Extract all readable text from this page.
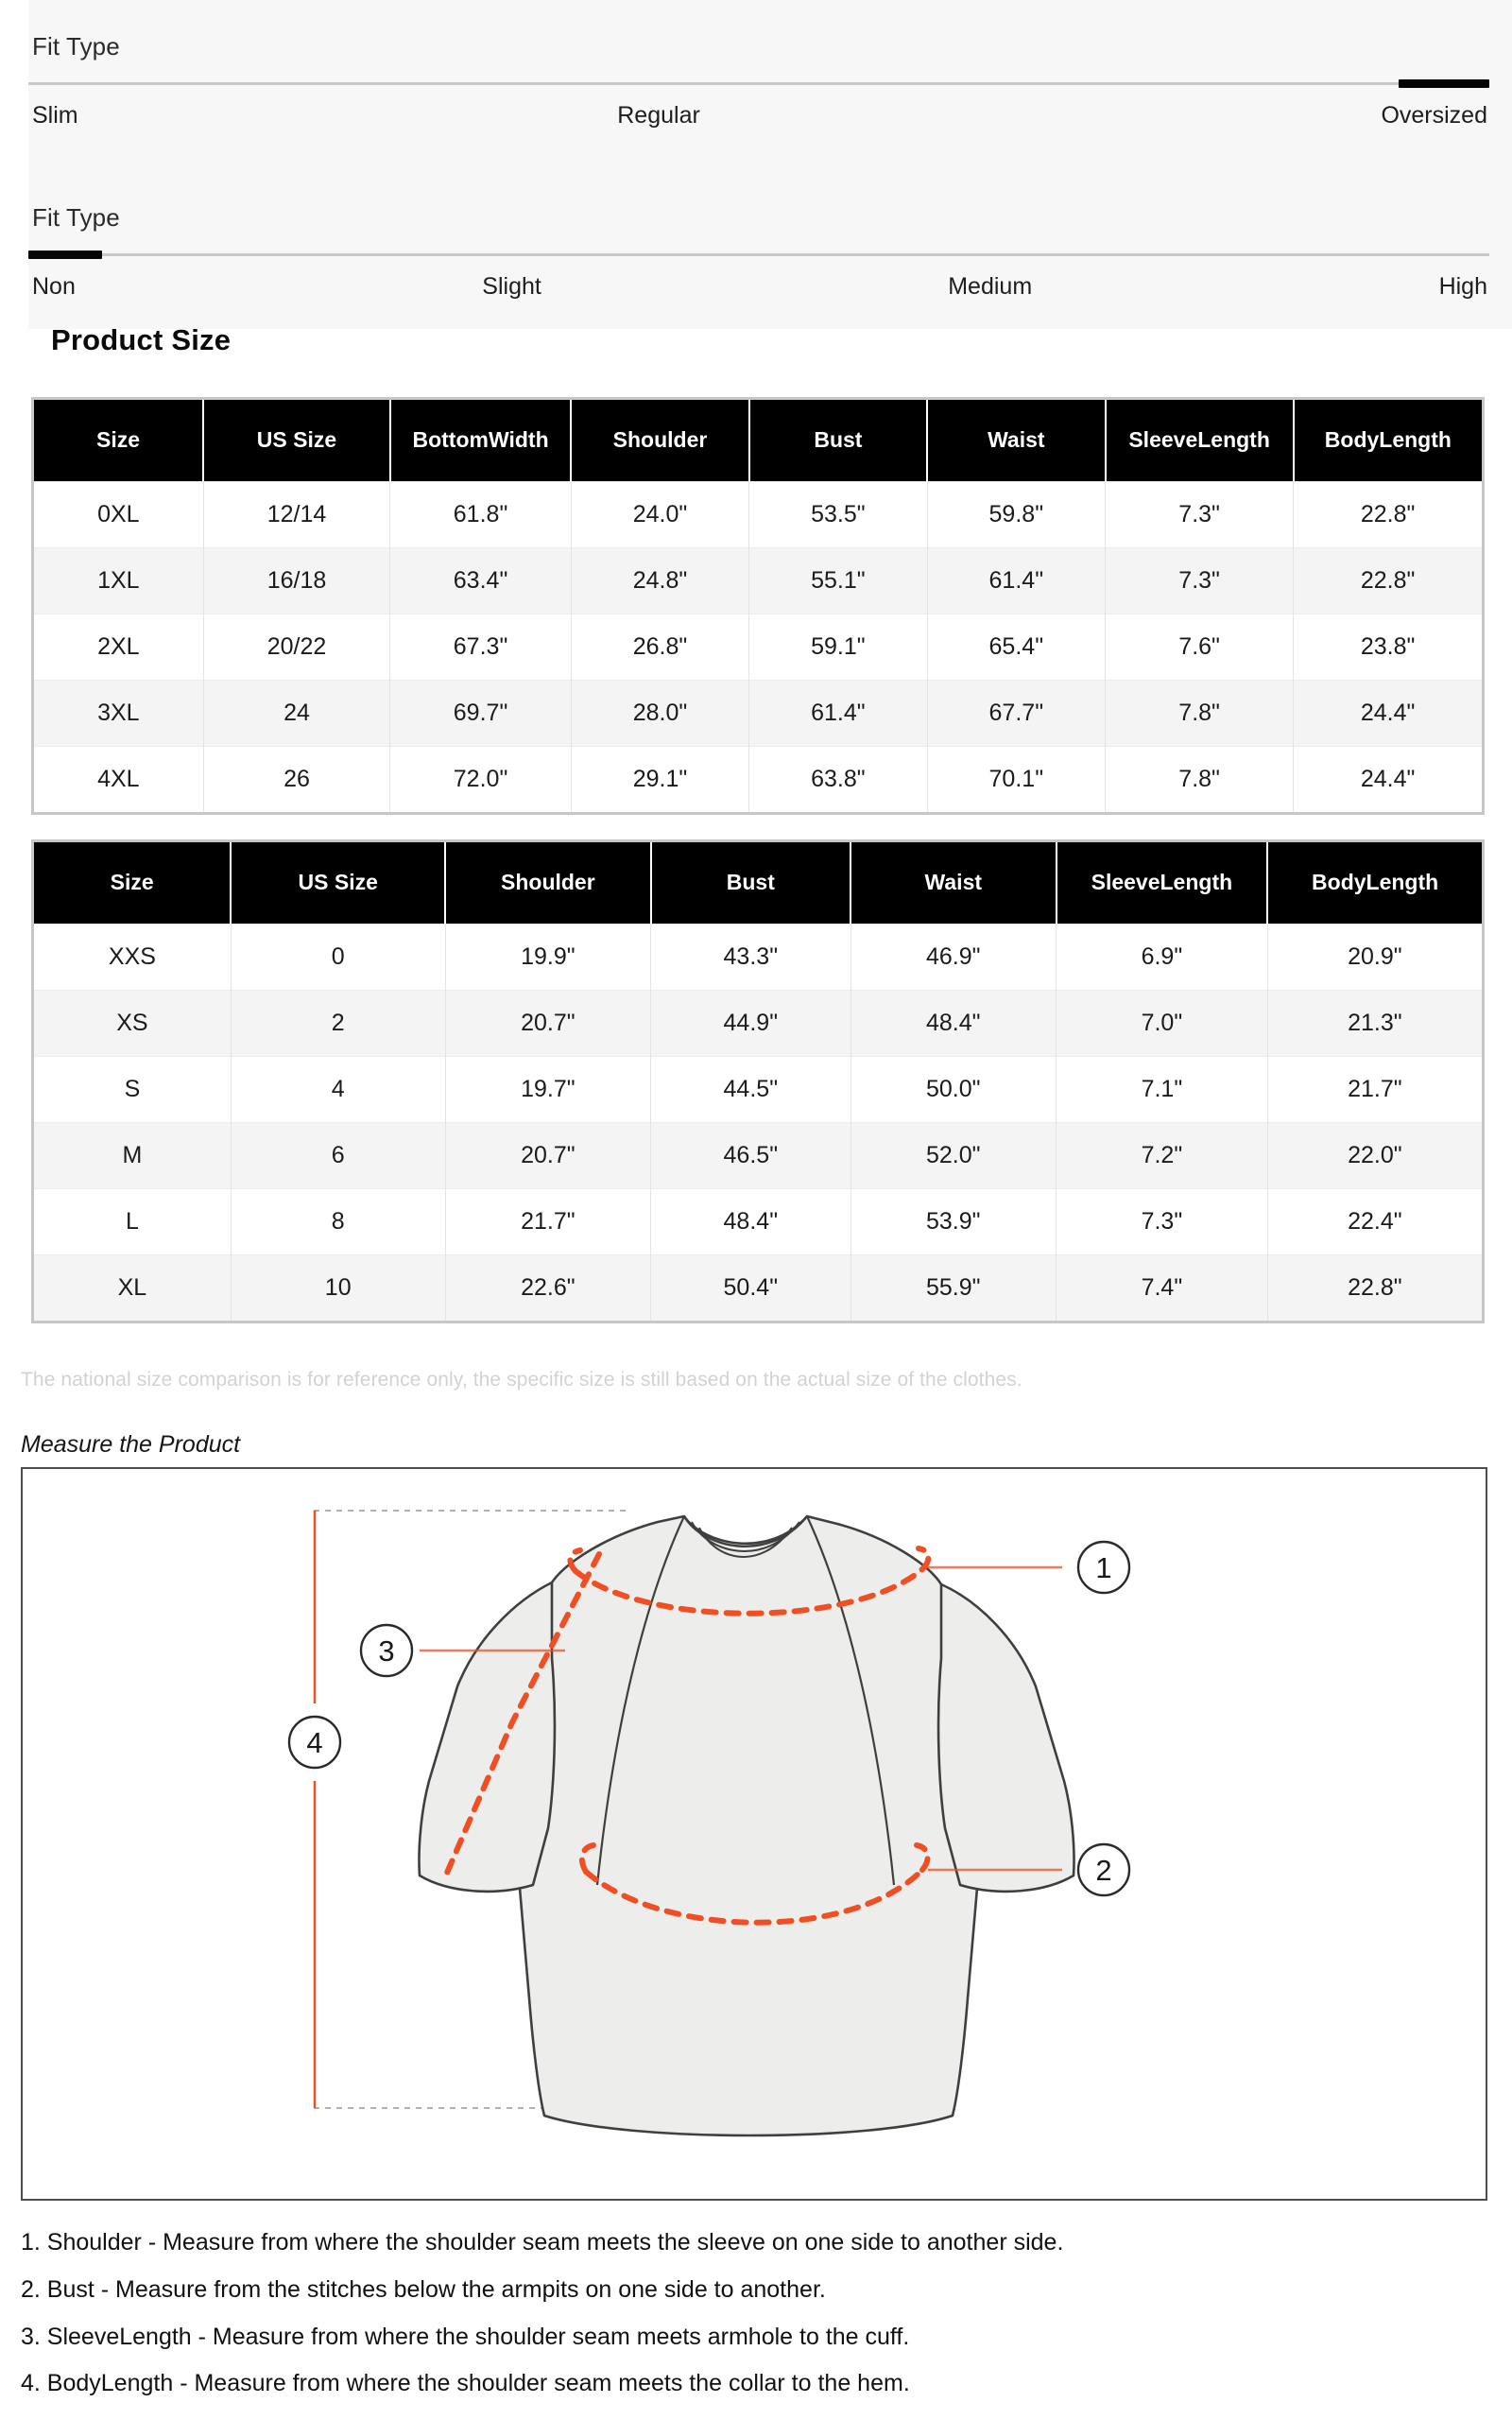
Fit Type
Slim	Regular	Oversized
Fit Type
Non	Slight	Medium	High
Product Size
Size	US Size	BottomWidth	Shoulder	Bust	Waist	SleeveLength	BodyLength
0XL	12/14	61.8"	24.0"	53.5"	59.8"	7.3"	22.8"
1XL	16/18	63.4"	24.8"	55.1"	61.4"	7.3"	22.8"
2XL	20/22	67.3"	26.8"	59.1"	65.4"	7.6"	23.8"
3XL	24	69.7"	28.0"	61.4"	67.7"	7.8"	24.4"
4XL	26	72.0"	29.1"	63.8"	70.1"	7.8"	24.4"
Size	US Size	Shoulder	Bust	Waist	SleeveLength	BodyLength
XXS	0	19.9"	43.3"	46.9"	6.9"	20.9"
XS	2	20.7"	44.9"	48.4"	7.0"	21.3"
S	4	19.7"	44.5"	50.0"	7.1"	21.7"
M	6	20.7"	46.5"	52.0"	7.2"	22.0"
L	8	21.7"	48.4"	53.9"	7.3"	22.4"
XL	10	22.6"	50.4"	55.9"	7.4"	22.8"
The national size comparison is for reference only, the specific size is still based on the actual size of the clothes.
Measure the Product
1
2
3
4
1. Shoulder - Measure from where the shoulder seam meets the sleeve on one side to another side.
2. Bust - Measure from the stitches below the armpits on one side to another.
3. SleeveLength - Measure from where the shoulder seam meets armhole to the cuff.
4. BodyLength - Measure from where the shoulder seam meets the collar to the hem.
